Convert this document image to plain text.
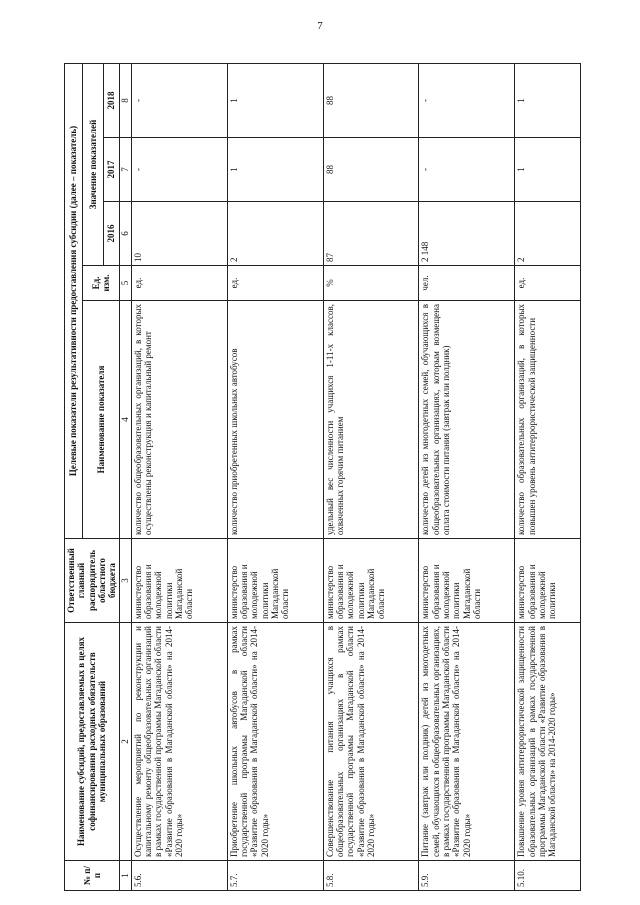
7
№ п/п	Наименование субсидий, предоставляемых в целях софинансирования расходных обязательств муниципальных образований	Ответственный главный распорядитель областного бюджета	Целевые показатели результативности предоставления субсидии (далее – показатель)				
			Наименование показателя	Ед. изм.	Значение показателей		
					2016	2017	2018
1	2	3	4	5	6	7	8
5.6.	Осуществление мероприятий по реконструкции и капитальному ремонту общеобразовательных организаций в рамках государственной программы Магаданской области «Развитие образования в Магаданской области» на 2014-2020 годы»	министерство образования и молодежной политики Магаданской области	количество общеобразовательных организаций, в которых осуществлены реконструкция и капитальный ремонт	ед.	10	-	-
5.7.	Приобретение школьных автобусов в рамках государственной программы Магаданской области «Развитие образования в Магаданской области» на 2014-2020 годы»	министерство образования и молодежной политики Магаданской области	количество приобретенных школьных автобусов	ед.	2	1	1
5.8.	Совершенствование питания учащихся в общеобразовательных организациях в рамках государственной программы Магаданской области «Развитие образования в Магаданской области» на 2014-2020 годы»	министерство образования и молодежной политики Магаданской области	удельный вес численности учащихся 1-11-х классов, охваченных горячим питанием	%	87	88	88
5.9.	Питание (завтрак или полдник) детей из многодетных семей, обучающихся в общеобразовательных организациях, в рамках государственной программы Магаданской области «Развитие образования в Магаданской области» на 2014-2020 годы»	министерство образования и молодежной политики Магаданской области	количество детей из многодетных семей, обучающихся в общеобразовательных организациях, которым возмещена оплата стоимости питания (завтрак или полдник)	чел.	2 148	-	-
5.10.	Повышение уровня антитеррористической защищенности образовательных организаций в рамках государственной программы Магаданской области «Развитие образования в Магаданской области» на 2014-2020 годы»	министерство образования и молодежной политики	количество образовательных организаций, в которых повышен уровень антитеррористической защищенности	ед.	2	1	1
